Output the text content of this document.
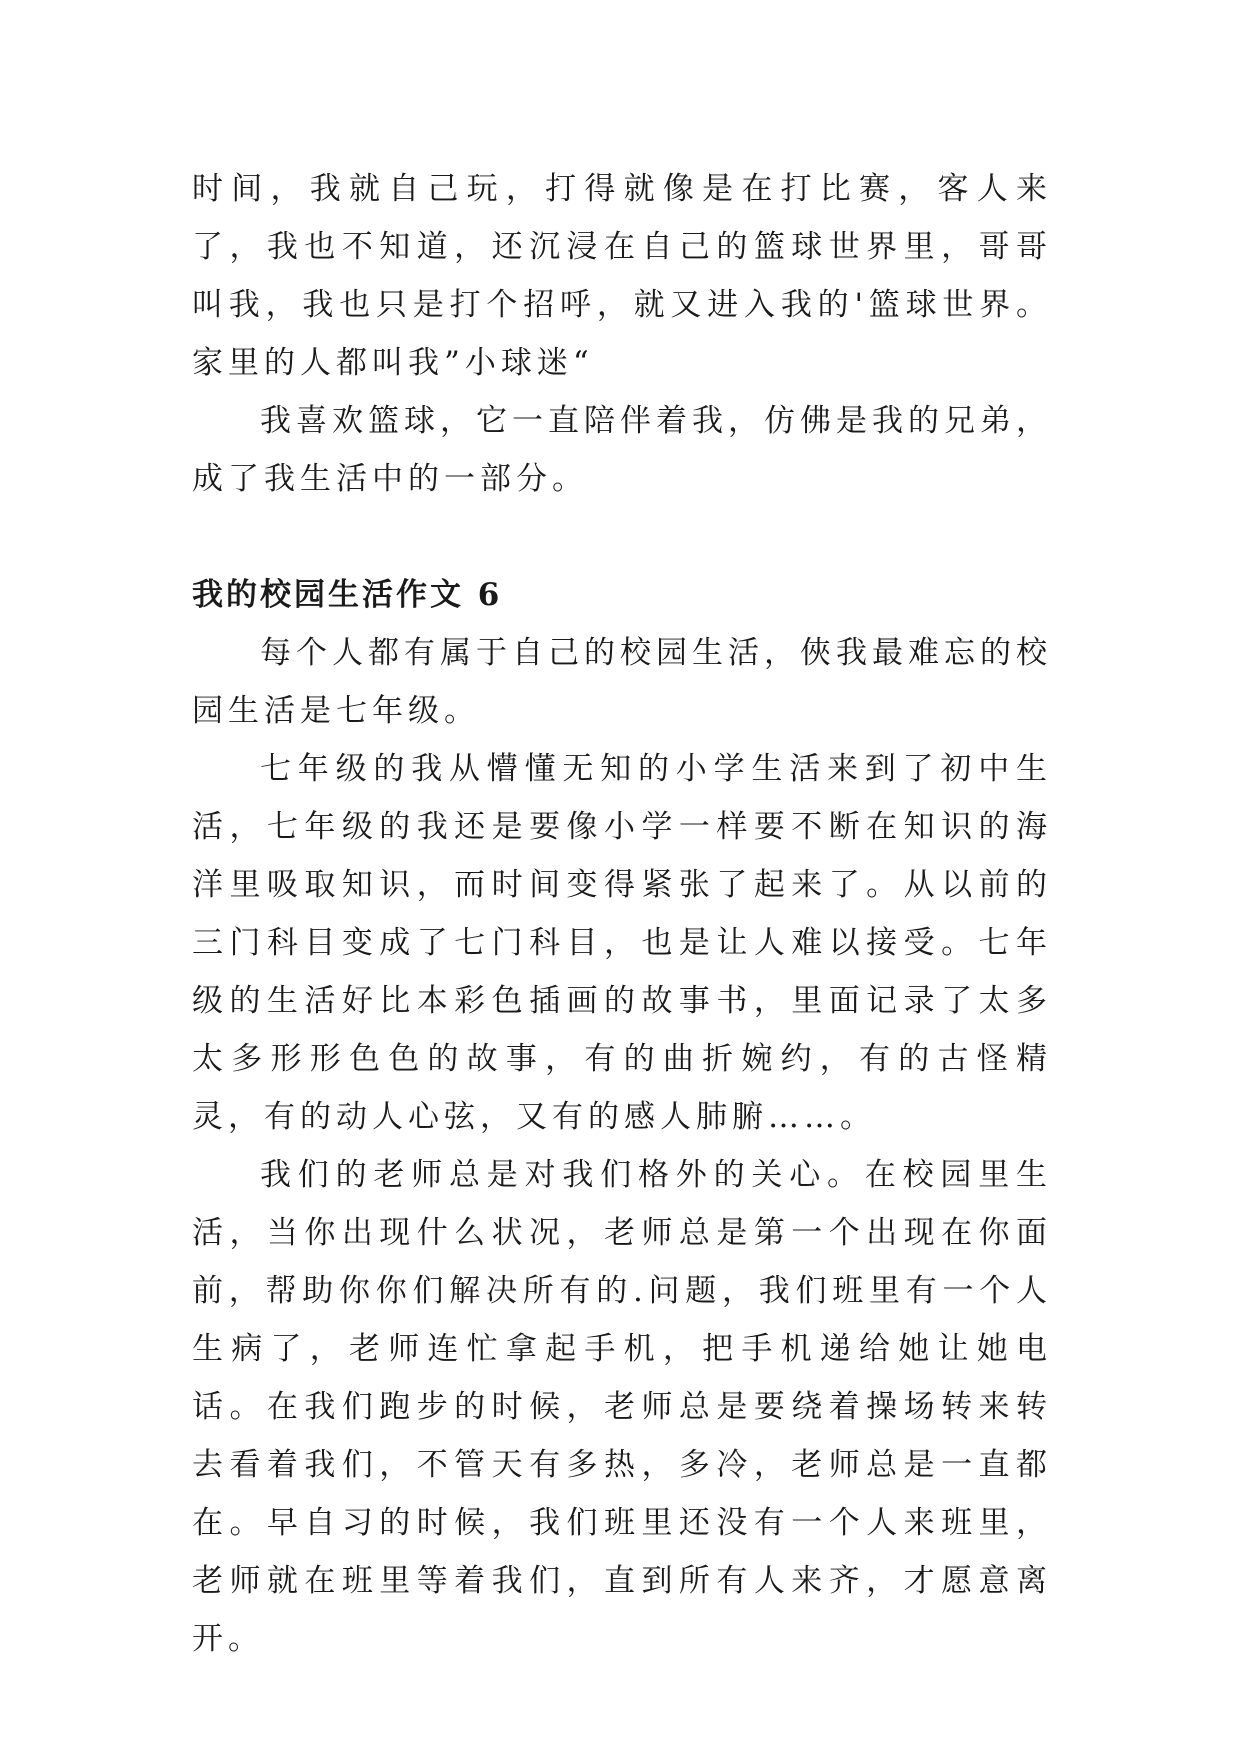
时间，我就自己玩，打得就像是在打比赛，客人来了，我也不知道，还沉浸在自己的篮球世界里，哥哥叫我，我也只是打个招呼，就又进入我的'篮球世界。家里的人都叫我”小球迷“

我喜欢篮球，它一直陪伴着我，仿佛是我的兄弟，成了我生活中的一部分。

我的校园生活作文 6

每个人都有属于自己的校园生活，俠我最难忘的校园生活是七年级。

七年级的我从懵懂无知的小学生活来到了初中生活，七年级的我还是要像小学一样要不断在知识的海洋里吸取知识，而时间变得紧张了起来了。从以前的三门科目变成了七门科目，也是让人难以接受。七年级的生活好比本彩色插画的故事书，里面记录了太多太多形形色色的故事，有的曲折婉约，有的古怪精灵，有的动人心弦，又有的感人肺腑……。

我们的老师总是对我们格外的关心。在校园里生活，当你出现什么状况，老师总是第一个出现在你面前，帮助你你们解决所有的.问题，我们班里有一个人生病了，老师连忙拿起手机，把手机递给她让她电话。在我们跑步的时候，老师总是要绕着操场转来转去看着我们，不管天有多热，多冷，老师总是一直都在。早自习的时候，我们班里还没有一个人来班里，老师就在班里等着我们，直到所有人来齐，才愿意离开。
